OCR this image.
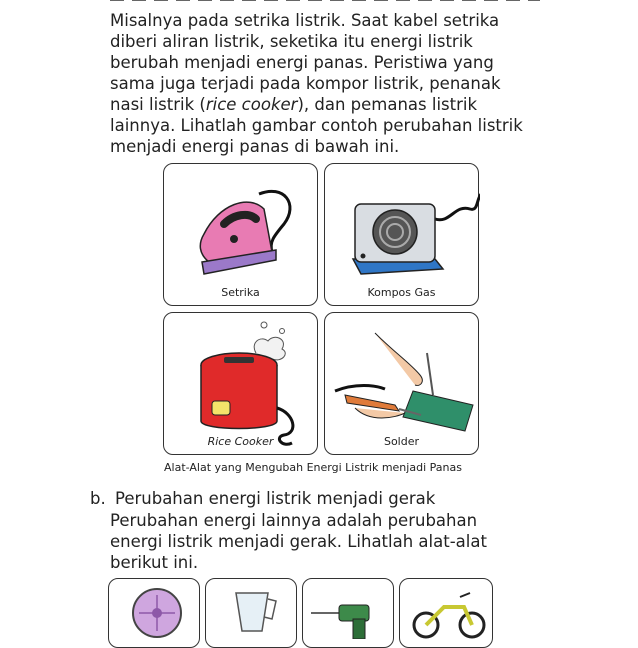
Misalnya pada setrika listrik. Saat kabel setrika

diberi aliran listrik, seketika itu energi listrik

berubah menjadi energi panas. Peristiwa yang

sama juga terjadi pada kompor listrik, penanak

nasi listrik (rice cooker), dan pemanas listrik

lainnya. Lihatlah gambar contoh perubahan listrik

menjadi energi panas di bawah ini.

Setrika	Kompos Gas
Rice Cooker	Solder
Alat-Alat yang Mengubah Energi Listrik menjadi Panas
b. Perubahan energi listrik menjadi gerak

Perubahan energi lainnya adalah perubahan

energi listrik menjadi gerak. Lihatlah alat-alat

berikut ini.
